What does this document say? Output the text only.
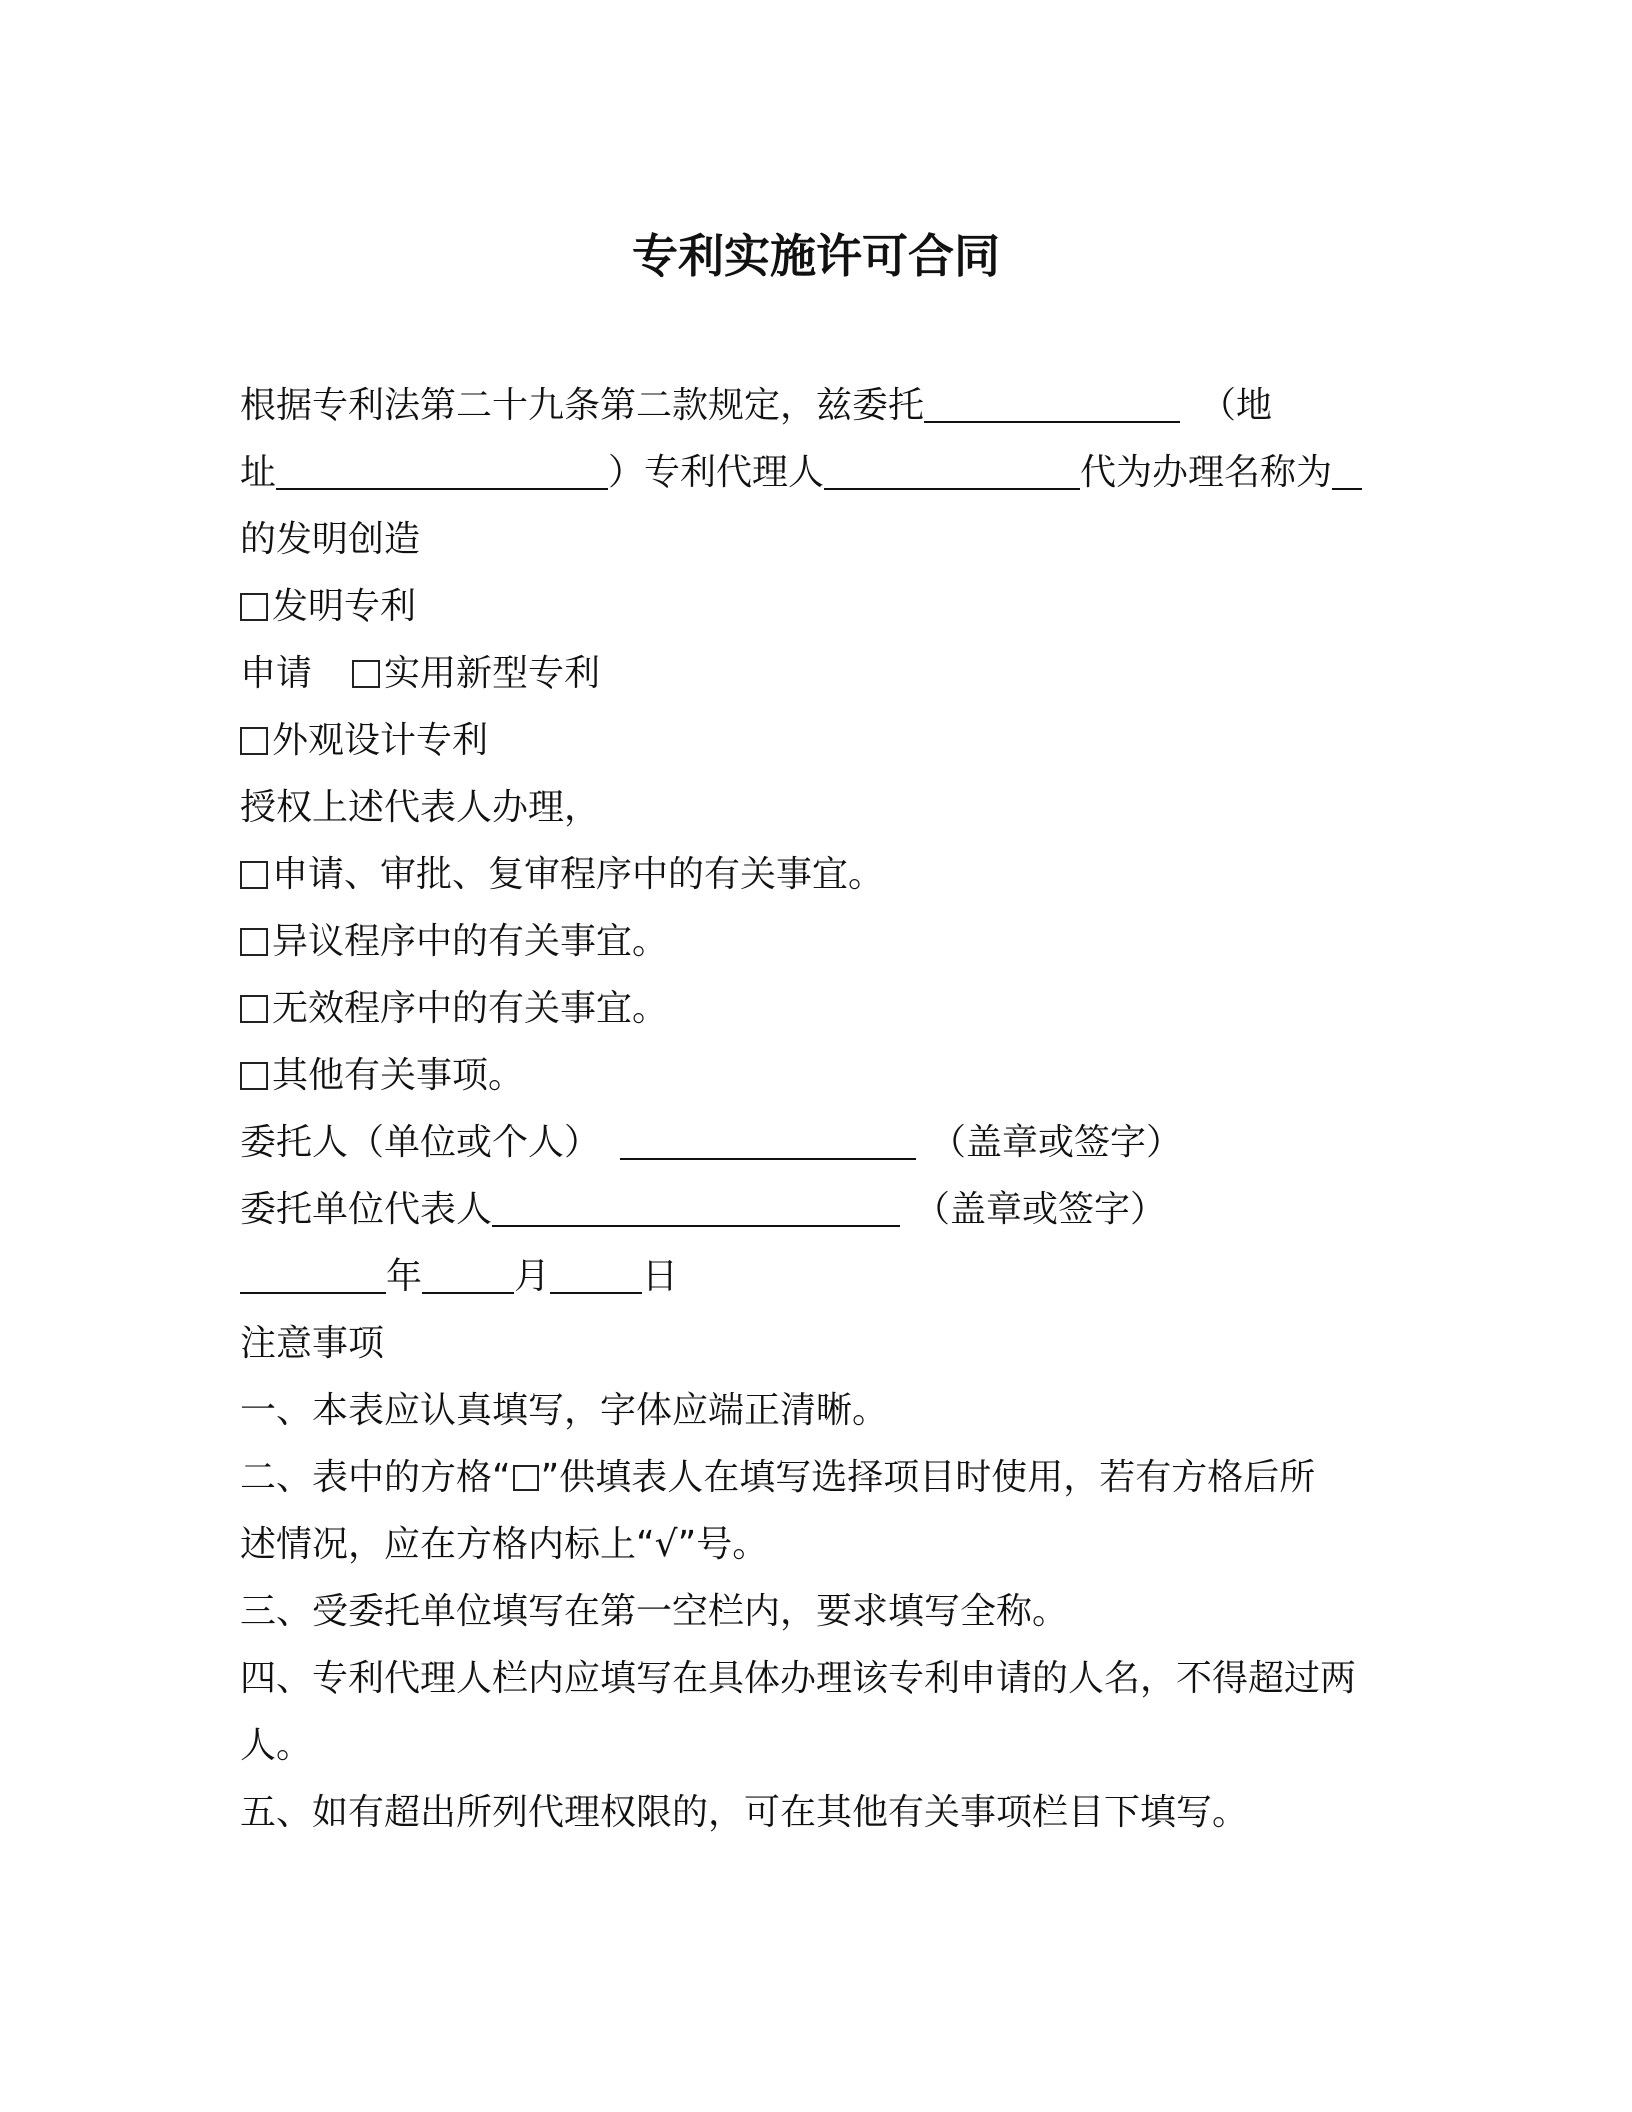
专利实施许可合同
根据专利法第二十九条第二款规定，兹委托	（地
址	）专利代理人	代为办理名称为
的发明创造
发明专利
申请 实用新型专利
外观设计专利
授权上述代表人办理，
申请、审批、复审程序中的有关事宜。
异议程序中的有关事宜。
无效程序中的有关事宜。
其他有关事项。
委托人（单位或个人）	（盖章或签字）
委托单位代表人	（盖章或签字）
年	月	日
注意事项
一、本表应认真填写，字体应端正清晰。
二、表中的方格“ ”供填表人在填写选择项目时使用，若有方格后所
述情况，应在方格内标上“√”号。
三、受委托单位填写在第一空栏内，要求填写全称。
四、专利代理人栏内应填写在具体办理该专利申请的人名，不得超过两
人。
五、如有超出所列代理权限的，可在其他有关事项栏目下填写。
